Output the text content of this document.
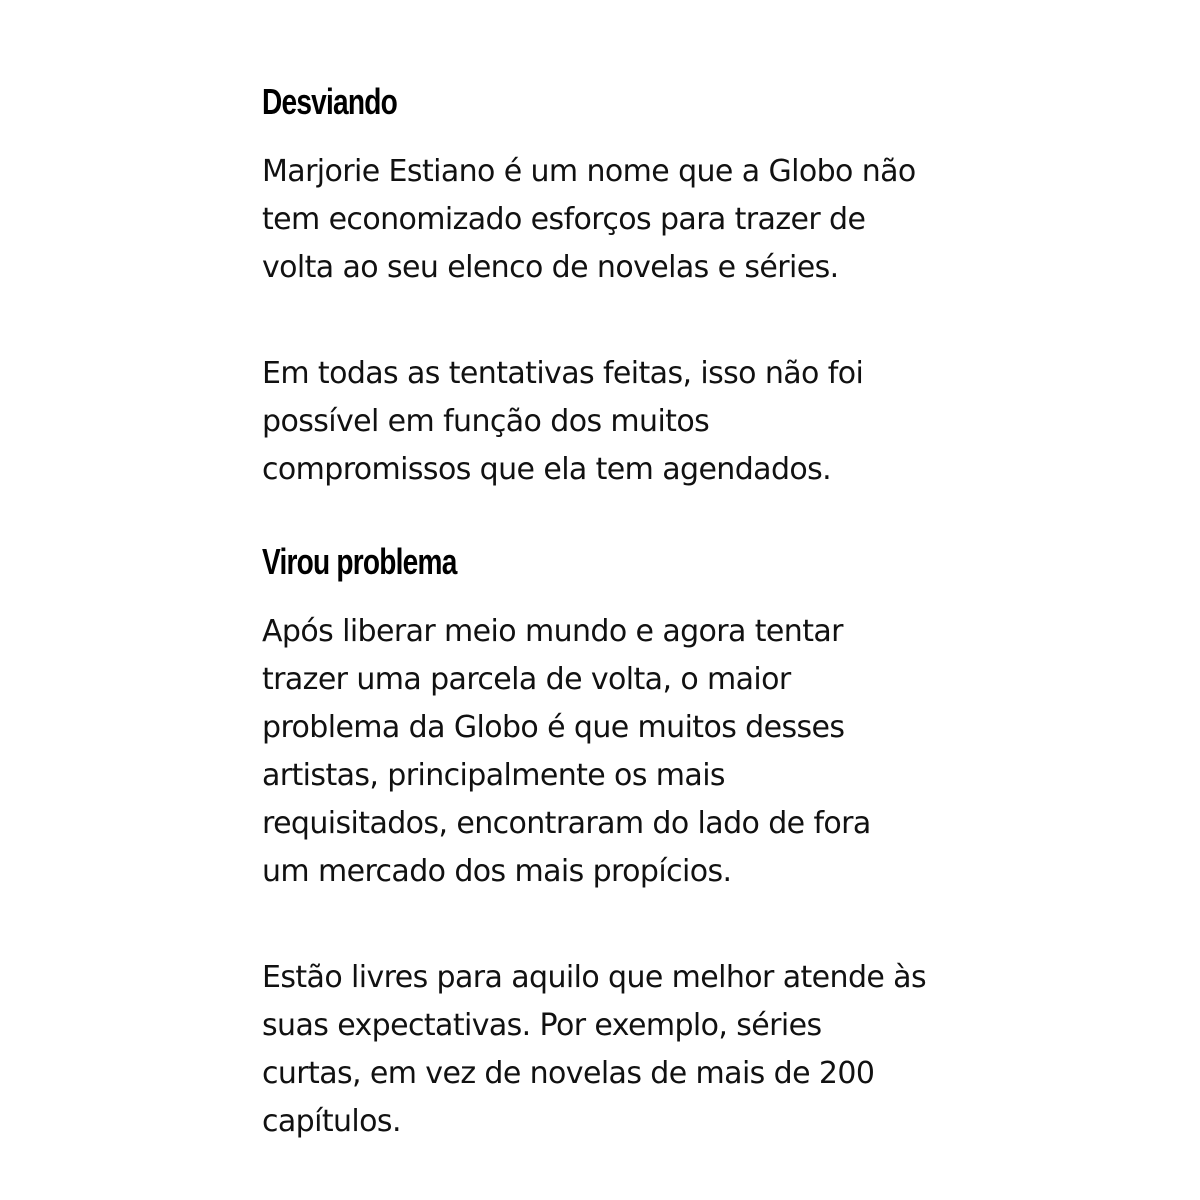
Desviando

Marjorie Estiano é um nome que a Globo não
tem economizado esforços para trazer de
volta ao seu elenco de novelas e séries.

Em todas as tentativas feitas, isso não foi
possível em função dos muitos
compromissos que ela tem agendados.

Virou problema

Após liberar meio mundo e agora tentar
trazer uma parcela de volta, o maior
problema da Globo é que muitos desses
artistas, principalmente os mais
requisitados, encontraram do lado de fora
um mercado dos mais propícios.

Estão livres para aquilo que melhor atende às
suas expectativas. Por exemplo, séries
curtas, em vez de novelas de mais de 200
capítulos.
